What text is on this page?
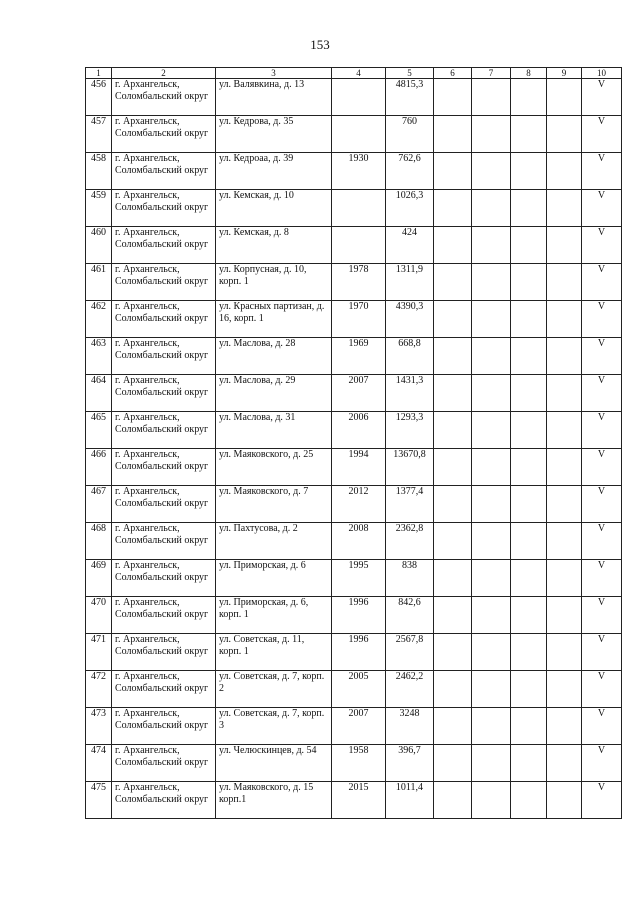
153
1	2	3	4	5	6	7	8	9	10
456	г. Архангельск, Соломбальский округ	ул. Валявкина, д. 13		4815,3					V
457	г. Архангельск, Соломбальский округ	ул. Кедрова, д. 35		760					V
458	г. Архангельск, Соломбальский округ	ул. Кедроаа, д. 39	1930	762,6					V
459	г. Архангельск, Соломбальский округ	ул. Кемская, д. 10		1026,3					V
460	г. Архангельск, Соломбальский округ	ул. Кемская, д. 8		424					V
461	г. Архангельск, Соломбальский округ	ул. Корпусная, д. 10, корп. 1	1978	1311,9					V
462	г. Архангельск, Соломбальский округ	ул. Красных партизан, д. 16, корп. 1	1970	4390,3					V
463	г. Архангельск, Соломбальский округ	ул. Маслова, д. 28	1969	668,8					V
464	г. Архангельск, Соломбальский округ	ул. Маслова, д. 29	2007	1431,3					V
465	г. Архангельск, Соломбальский округ	ул. Маслова, д. 31	2006	1293,3					V
466	г. Архангельск, Соломбальский округ	ул. Маяковского, д. 25	1994	13670,8					V
467	г. Архангельск, Соломбальский округ	ул. Маяковского, д. 7	2012	1377,4					V
468	г. Архангельск, Соломбальский округ	ул. Пахтусова, д. 2	2008	2362,8					V
469	г. Архангельск, Соломбальский округ	ул. Приморская, д. 6	1995	838					V
470	г. Архангельск, Соломбальский округ	ул. Приморская, д. 6, корп. 1	1996	842,6					V
471	г. Архангельск, Соломбальский округ	ул. Советская, д. 11, корп. 1	1996	2567,8					V
472	г. Архангельск, Соломбальский округ	ул. Советская, д. 7, корп. 2	2005	2462,2					V
473	г. Архангельск, Соломбальский округ	ул. Советская, д. 7, корп. 3	2007	3248					V
474	г. Архангельск, Соломбальский округ	ул. Челюскинцев, д. 54	1958	396,7					V
475	г. Архангельск, Соломбальский округ	ул. Маяковского, д. 15 корп.1	2015	1011,4					V
